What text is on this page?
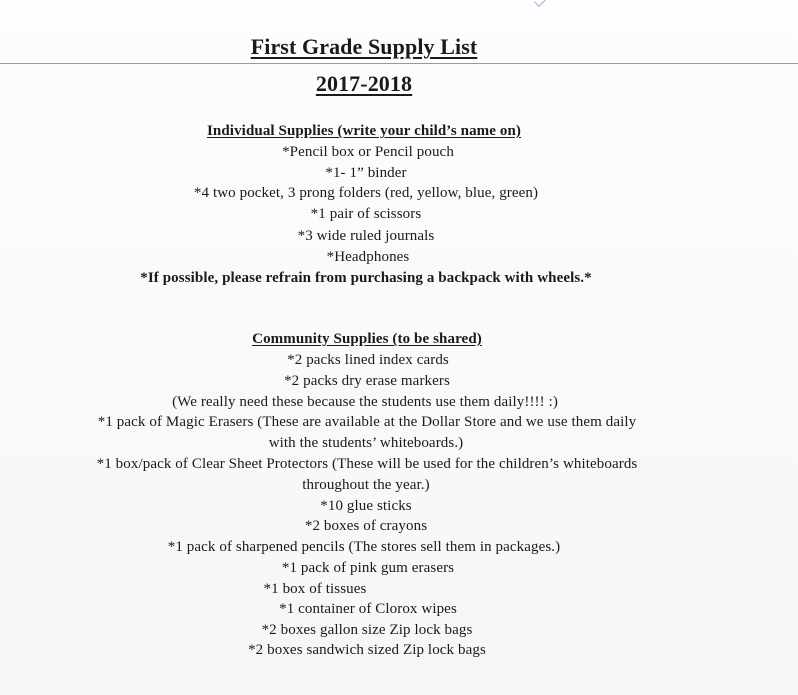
First Grade Supply List
2017-2018
Individual Supplies (write your child’s name on)
*Pencil box or Pencil pouch
*1- 1” binder
*4 two pocket, 3 prong folders (red, yellow, blue, green)
*1 pair of scissors
*3 wide ruled journals
*Headphones
*If possible, please refrain from purchasing a backpack with wheels.*
Community Supplies (to be shared)
*2 packs lined index cards
*2 packs dry erase markers
(We really need these because the students use them daily!!!! :)
*1 pack of Magic Erasers (These are available at the Dollar Store and we use them daily
with the students’ whiteboards.)
*1 box/pack of Clear Sheet Protectors (These will be used for the children’s whiteboards
throughout the year.)
*10 glue sticks
*2 boxes of crayons
*1 pack of sharpened pencils (The stores sell them in packages.)
*1 pack of pink gum erasers
*1 box of tissues
*1 container of Clorox wipes
*2 boxes gallon size Zip lock bags
*2 boxes sandwich sized Zip lock bags
